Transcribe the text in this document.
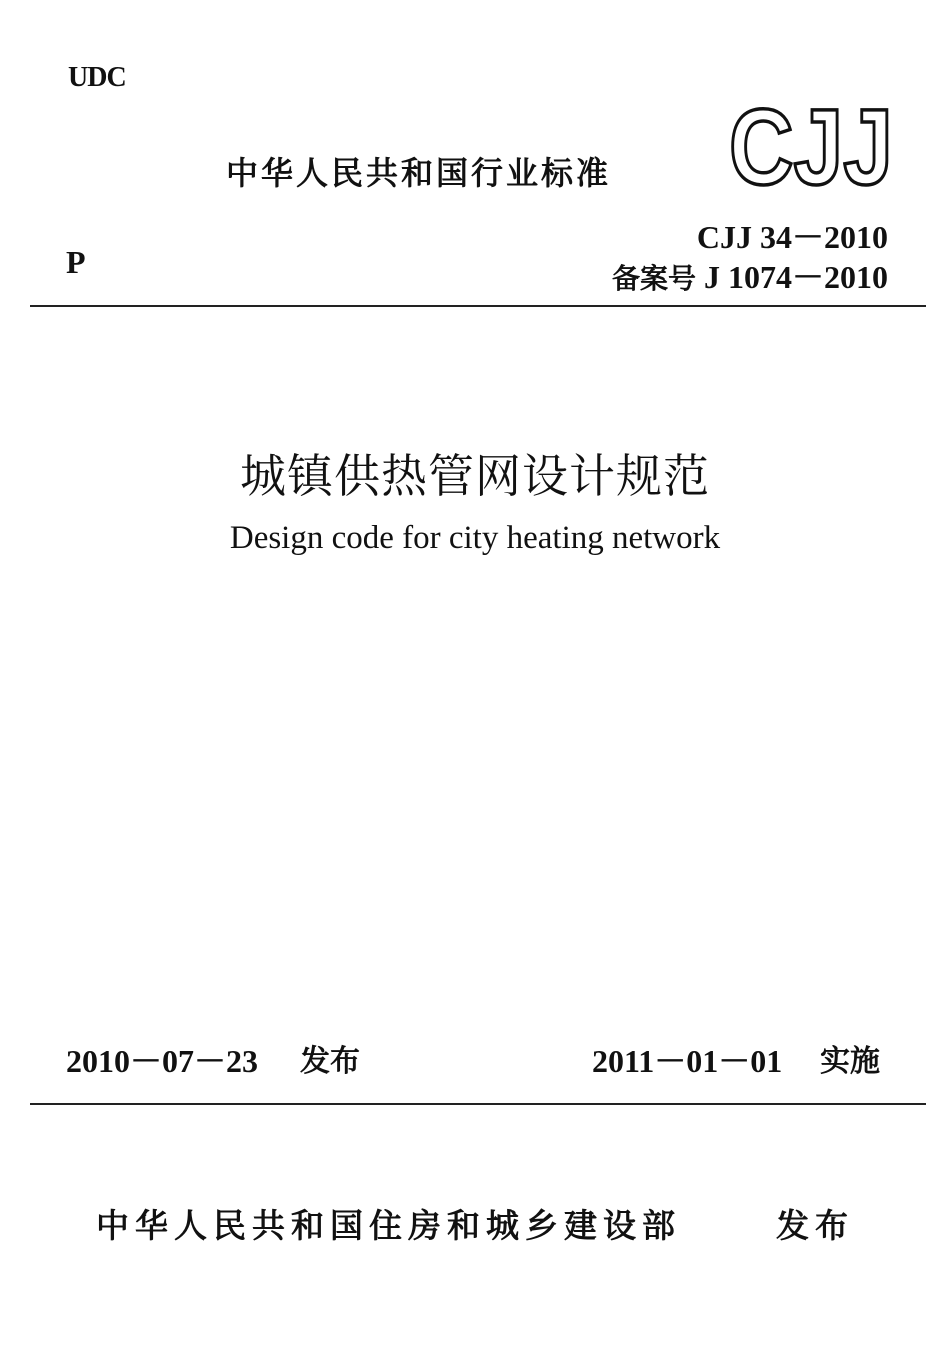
UDC
中华人民共和国行业标准 CJJ
CJJ 34－2010
备案号 J 1074－2010
P
城镇供热管网设计规范
Design code for city heating network
2010－07－23 发布	2011－01－01 实施
中华人民共和国住房和城乡建设部	发布
